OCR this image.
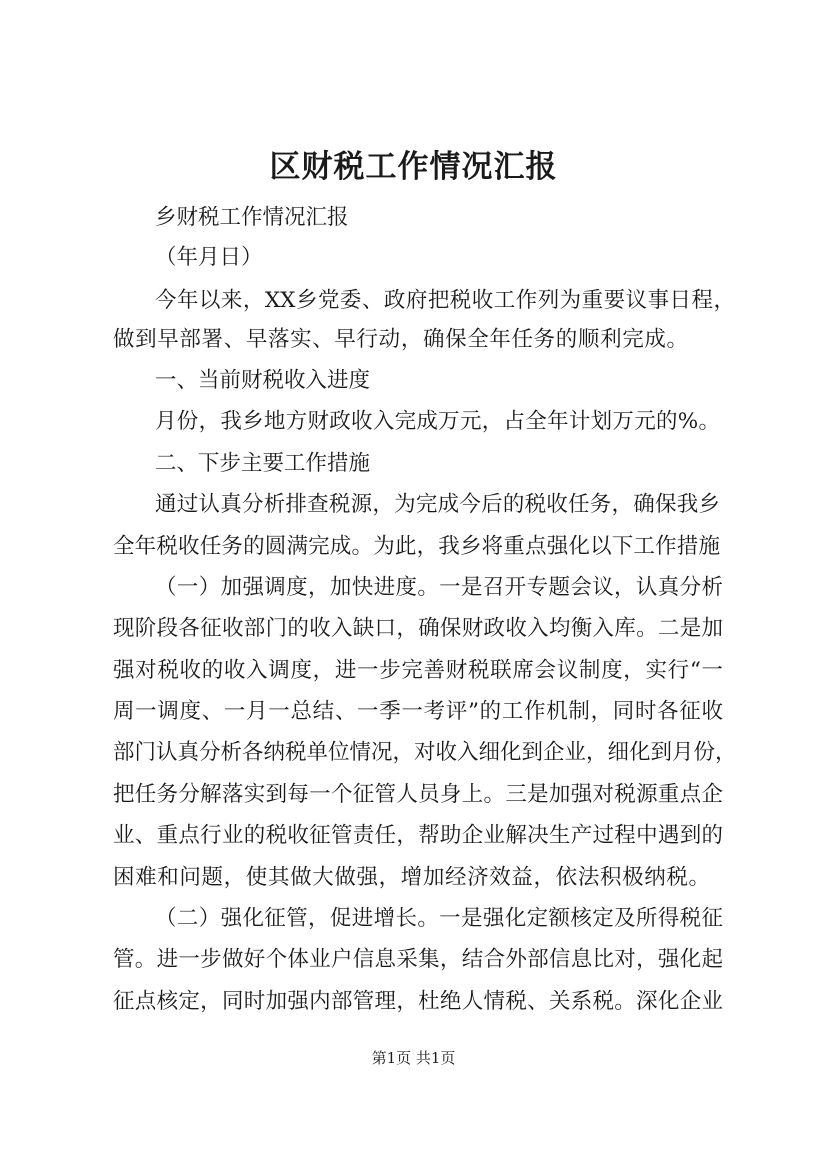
区财税工作情况汇报
乡财税工作情况汇报
（年月日）
今年以来，XX乡党委、政府把税收工作列为重要议事日程，
做到早部署、早落实、早行动，确保全年任务的顺利完成。
一、当前财税收入进度
月份，我乡地方财政收入完成万元，占全年计划万元的%。
二、下步主要工作措施
通过认真分析排查税源，为完成今后的税收任务，确保我乡
全年税收任务的圆满完成。为此，我乡将重点强化以下工作措施
（一）加强调度，加快进度。一是召开专题会议，认真分析
现阶段各征收部门的收入缺口，确保财政收入均衡入库。二是加
强对税收的收入调度，进一步完善财税联席会议制度，实行“一
周一调度、一月一总结、一季一考评”的工作机制，同时各征收
部门认真分析各纳税单位情况，对收入细化到企业，细化到月份，
把任务分解落实到每一个征管人员身上。三是加强对税源重点企
业、重点行业的税收征管责任，帮助企业解决生产过程中遇到的
困难和问题，使其做大做强，增加经济效益，依法积极纳税。
（二）强化征管，促进增长。一是强化定额核定及所得税征
管。进一步做好个体业户信息采集，结合外部信息比对，强化起
征点核定，同时加强内部管理，杜绝人情税、关系税。深化企业
第1页 共1页
